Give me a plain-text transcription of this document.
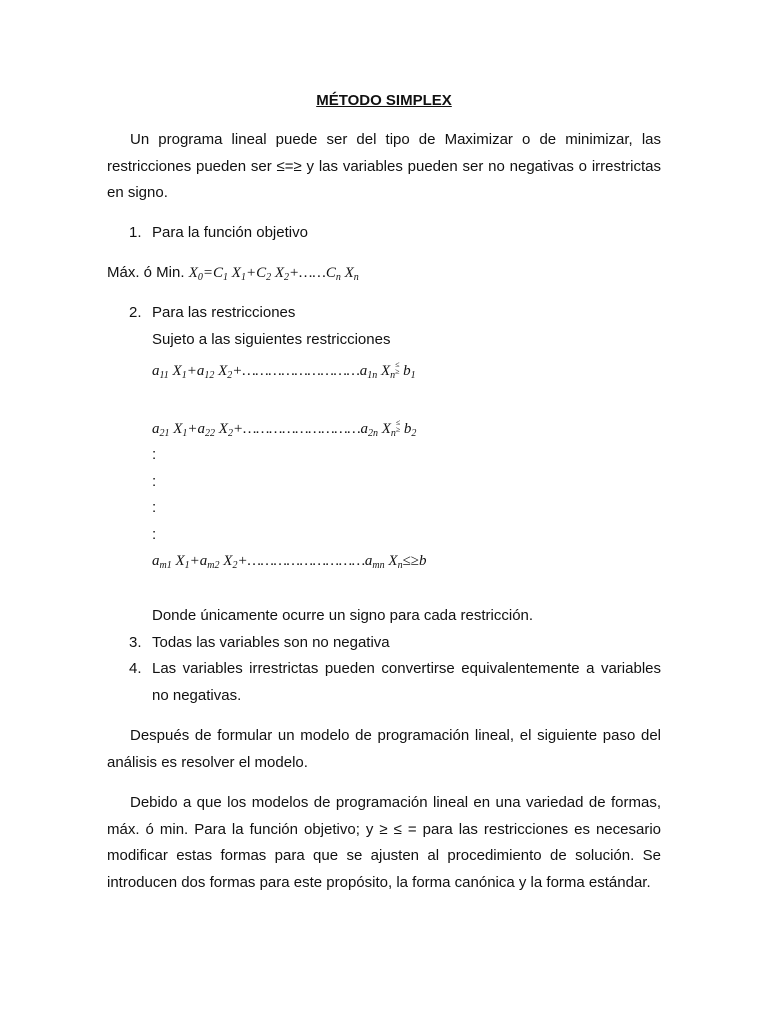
MÉTODO SIMPLEX

Un programa lineal puede ser del tipo de Maximizar o de minimizar, las restricciones pueden ser ≤=≥ y las variables pueden ser no negativas o irrestrictas en signo.

1. Para la función objetivo
Máx. ó Min. $X_0=C_1$ $X_1+C_2$ $X_2+\dots\dots C_n$ $X_n$
2. Para las restricciones
Sujeto a las siguientes restricciones
$a_{11}$ $X_1+a_{12}$ $X_2+\dots\dots\dots\dots\dots\dots\dots\dots\dots a_{1n}$ $X_n$
≤
≥ $b_1$
$a_{21}$ $X_1+a_{22}$ $X_2+\dots\dots\dots\dots\dots\dots\dots\dots\dots a_{2n}$ $X_n$
≤
≥ $b_2$
:
:
:
:
$a_{m1}$ $X_1+a_{m2}$ $X_2+\dots\dots\dots\dots\dots\dots\dots\dots\dots a_{mn}$ $X_n\le\ge b$
Donde únicamente ocurre un signo para cada restricción.
3. Todas las variables son no negativa
4. Las variables irrestrictas pueden convertirse equivalentemente a variables no negativas.

Después de formular un modelo de programación lineal, el siguiente paso del análisis es resolver el modelo.

Debido a que los modelos de programación lineal en una variedad de formas, máx. ó min. Para la función objetivo; y ≥ ≤ = para las restricciones es necesario modificar estas formas para que se ajusten al procedimiento de solución. Se introducen dos formas para este propósito, la forma canónica y la forma estándar.
